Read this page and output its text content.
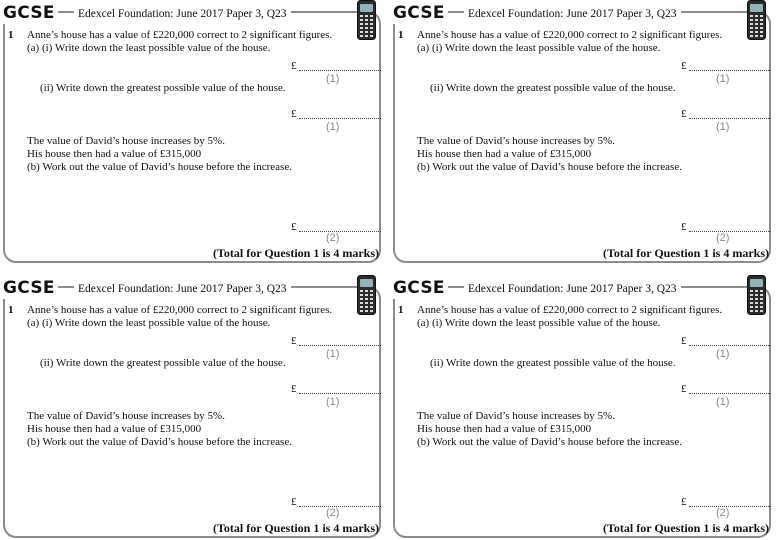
GCSE	Edexcel Foundation: June 2017 Paper 3, Q23
1 Anne’s house has a value of £220,000 correct to 2 significant figures.
(a) (i) Write down the least possible value of the house.
£
(1)
(ii) Write down the greatest possible value of the house.
£
(1)
The value of David’s house increases by 5%.
His house then had a value of £315,000
(b) Work out the value of David’s house before the increase.
£
(2)
(Total for Question 1 is 4 marks)
GCSE	Edexcel Foundation: June 2017 Paper 3, Q23
1 Anne’s house has a value of £220,000 correct to 2 significant figures.
(a) (i) Write down the least possible value of the house.
£
(1)
(ii) Write down the greatest possible value of the house.
£
(1)
The value of David’s house increases by 5%.
His house then had a value of £315,000
(b) Work out the value of David’s house before the increase.
£
(2)
(Total for Question 1 is 4 marks)
GCSE	Edexcel Foundation: June 2017 Paper 3, Q23
1 Anne’s house has a value of £220,000 correct to 2 significant figures.
(a) (i) Write down the least possible value of the house.
£
(1)
(ii) Write down the greatest possible value of the house.
£
(1)
The value of David’s house increases by 5%.
His house then had a value of £315,000
(b) Work out the value of David’s house before the increase.
£
(2)
(Total for Question 1 is 4 marks)
GCSE	Edexcel Foundation: June 2017 Paper 3, Q23
1 Anne’s house has a value of £220,000 correct to 2 significant figures.
(a) (i) Write down the least possible value of the house.
£
(1)
(ii) Write down the greatest possible value of the house.
£
(1)
The value of David’s house increases by 5%.
His house then had a value of £315,000
(b) Work out the value of David’s house before the increase.
£
(2)
(Total for Question 1 is 4 marks)
